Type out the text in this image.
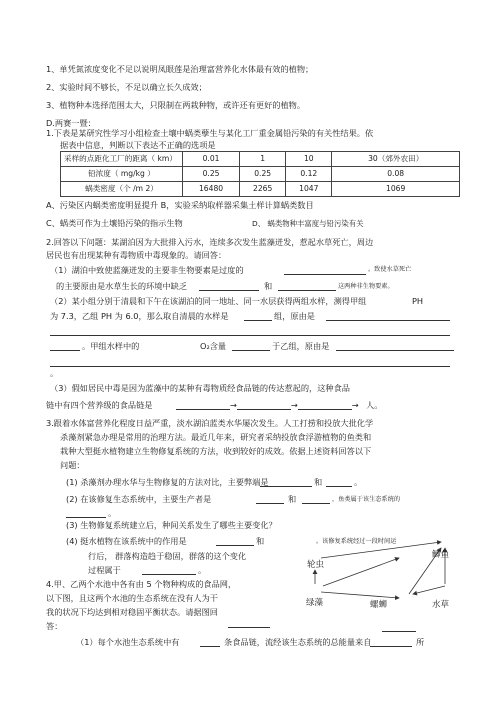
1、单凭氮浓度变化不足以说明凤眼莲是治理富营养化水体最有效的植物；
2、实验时间不够长，不足以确立长久成效；
3、植物种本选择范围太大，只限制在两栽种物，或许还有更好的植物。
D.两赛一暨：
1.下表是某研究性学习小组检查土壤中蜗类孽生与某化工厂重金属铅污染的有关性结果。依
据表中信息，判断以下表达不正确的选项是
采样的点距化工厂的距离（ km）	0.01	1	10	30（郊外农田）
铅浓度（ mg/kg ）	0.25	0.25	0.12	0.08
蜗类密度（个 /m 2）	16480	2265	1047	1069
A、污染区内蜗类密度明显提升 B，实验采纳取样器采集土样计算蜗类数目
C、蜗类可作为土壤铅污染的指示生物	D、 蜗类物种丰富度与铅污染有关
2.回答以下问题：某湖泊因为大批排入污水，连续多次发生蓝藻迸发，惹起水草死亡，周边
居民也有出现某种有毒物质中毒现象的。请回答：
（1）湖泊中致使蓝藻迸发的主要非生物要素是过度的	。致使水草死亡
的主要原由是水草生长的环境中缺乏	和	这两种非生物要素。
（2）某小组分别于清晨和下午在该湖泊的同一地址、同一水层获得两组水样，测得甲组	PH
为 7.3，乙组 PH 为 6.0，那么取自清晨的水样是	组，原由是
。甲组水样中的	O₂含量	于乙组，原由是
。
（3）假如居民中毒是因为蓝藻中的某种有毒物质经食品链的传达惹起的，这种食品
链中有四个营养级的食品链是	→	→	→ 人。
3.跟着水体富营养化程度日益严重，淡水湖泊蓝类水华屡次发生。人工打捞和投放大批化学
杀藻剂紧急办理是常用的治理方法。最近几年来，研究者采纳投放食浮游植物的鱼类和
栽种大型挺水植物建立生物修复系统的方法，收到较好的成效。依据上述资料回答以下
问题：
(1) 杀藻剂办理水华与生物修复的方法对比，主要弊端是	和	。
(2) 在该修复生态系统中，主要生产者是	和	，鱼类属于该生态系统的
。
(3) 生物修复系统建立后，种间关系发生了哪些主要变化？
(4) 挺水植物在该系统中的作用是	和	。该修复系统经过一段时间运
行后， 群落构造趋于稳固，群落的这个变化
过程属于	。
4.甲、乙两个水池中各有由 5 个物种构成的食品网，
以下图，且这两个水池的生态系统在没有人为干
我的状况下均达到相对稳固平衡状态。请据图回
答：
（1）每个水池生态系统中有	条食品链，流经该生态系统的总能量来自	所
轮虫
鲫鱼
绿藻	螺蛳	水草
